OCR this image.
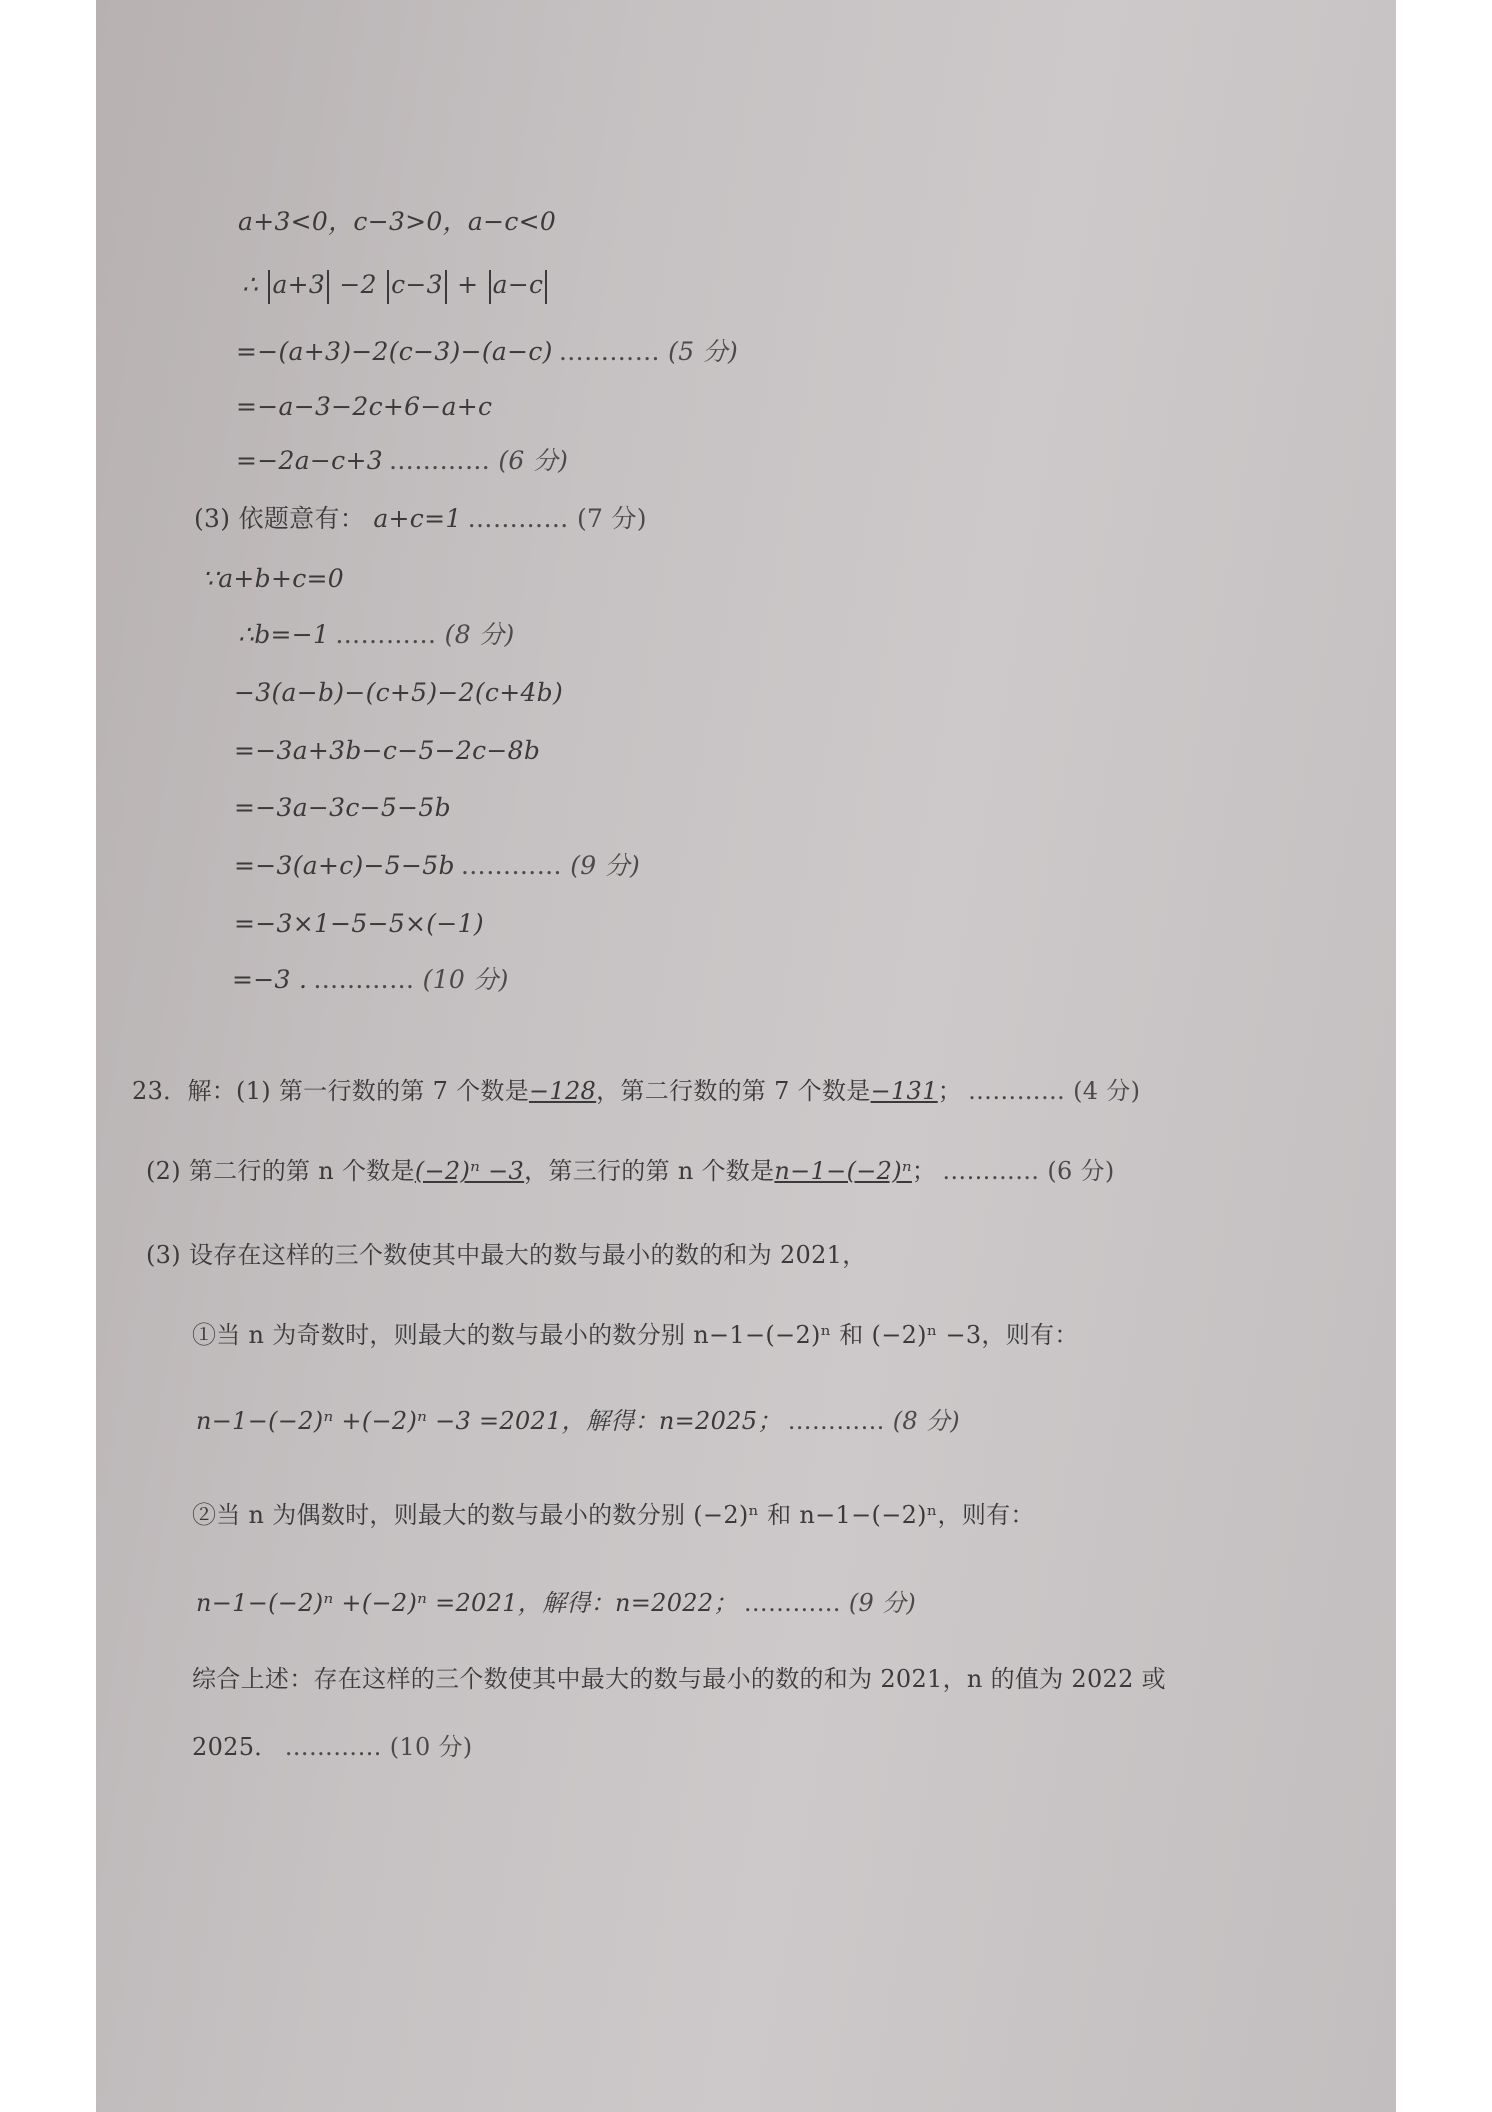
a+3<0，c−3>0，a−c<0
∴ a+3 −2 c−3 + a−c
=−(a+3)−2(c−3)−(a−c) ………… (5 分)
=−a−3−2c+6−a+c
=−2a−c+3 ………… (6 分)
(3) 依题意有： a+c=1 ………… (7 分)
∵a+b+c=0
∴b=−1 ………… (8 分)
−3(a−b)−(c+5)−2(c+4b)
=−3a+3b−c−5−2c−8b
=−3a−3c−5−5b
=−3(a+c)−5−5b ………… (9 分)
=−3×1−5−5×(−1)
=−3 . ………… (10 分)
23．解：(1) 第一行数的第 7 个数是−128，第二行数的第 7 个数是−131； ………… (4 分)
(2) 第二行的第 n 个数是(−2)ⁿ −3，第三行的第 n 个数是n−1−(−2)ⁿ； ………… (6 分)
(3) 设存在这样的三个数使其中最大的数与最小的数的和为 2021，
①当 n 为奇数时，则最大的数与最小的数分别 n−1−(−2)ⁿ 和 (−2)ⁿ −3，则有：
n−1−(−2)ⁿ +(−2)ⁿ −3 =2021，解得：n=2025； ………… (8 分)
②当 n 为偶数时，则最大的数与最小的数分别 (−2)ⁿ 和 n−1−(−2)ⁿ，则有：
n−1−(−2)ⁿ +(−2)ⁿ =2021，解得：n=2022； ………… (9 分)
综合上述：存在这样的三个数使其中最大的数与最小的数的和为 2021，n 的值为 2022 或
2025． ………… (10 分)
